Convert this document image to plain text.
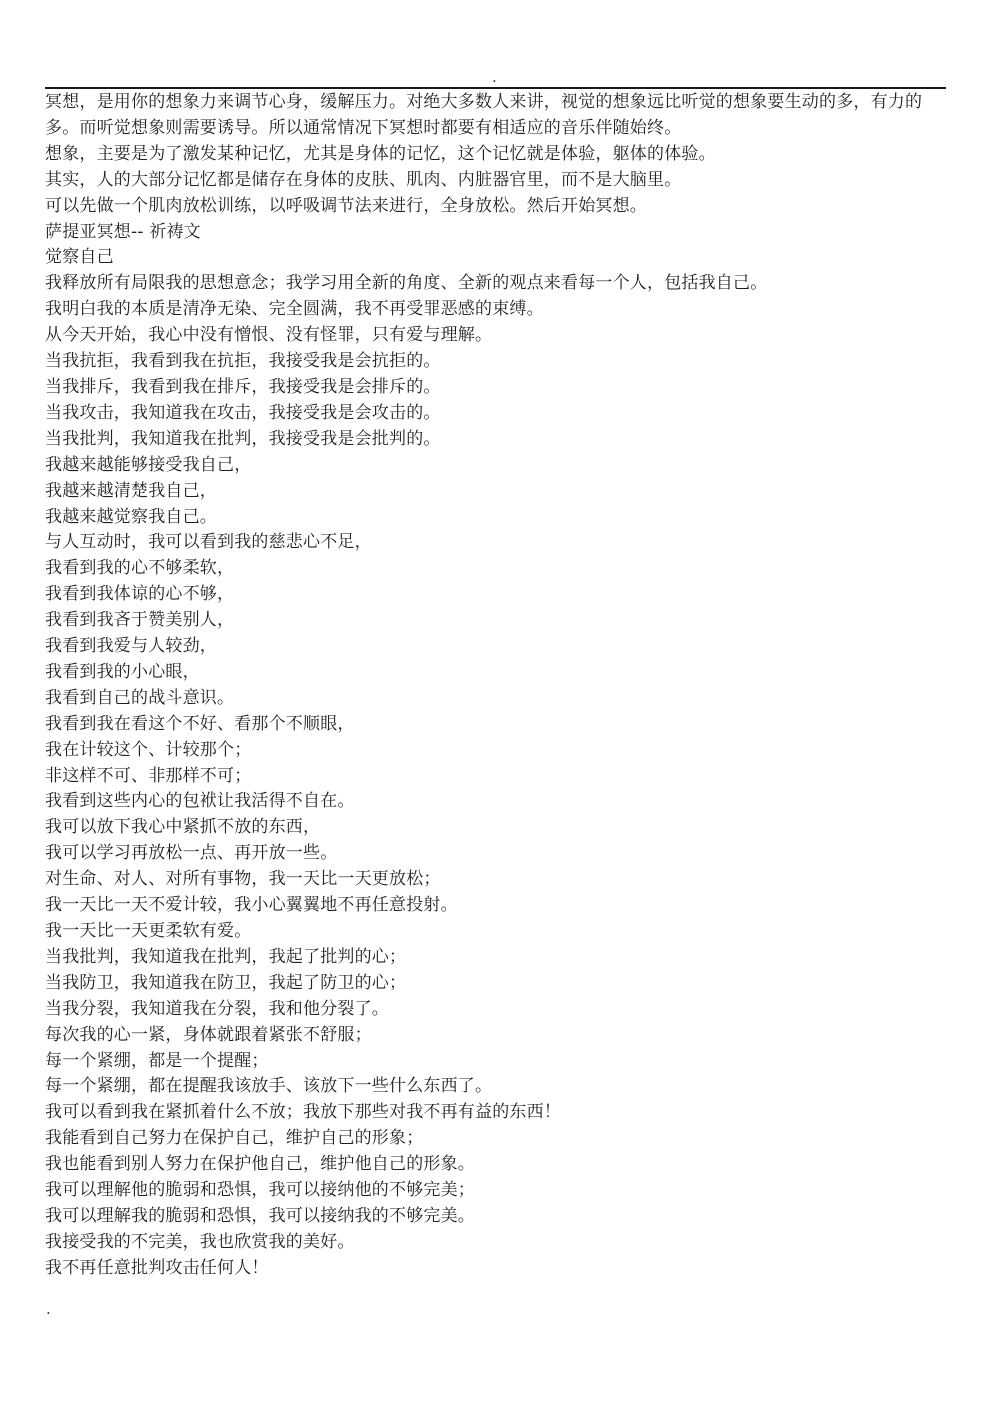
.

冥想，是用你的想象力来调节心身，缓解压力。对绝大多数人来讲，视觉的想象远比听觉的想象要生动的多，有力的

多。而听觉想象则需要诱导。所以通常情况下冥想时都要有相适应的音乐伴随始终。

想象，主要是为了激发某种记忆，尤其是身体的记忆，这个记忆就是体验，躯体的体验。

其实，人的大部分记忆都是储存在身体的皮肤、肌肉、内脏器官里，而不是大脑里。

可以先做一个肌肉放松训练，以呼吸调节法来进行，全身放松。然后开始冥想。

萨提亚冥想-- 祈祷文

觉察自己

我释放所有局限我的思想意念；我学习用全新的角度、全新的观点来看每一个人，包括我自己。

我明白我的本质是清净无染、完全圆满，我不再受罪恶感的束缚。

从今天开始，我心中没有憎恨、没有怪罪，只有爱与理解。

当我抗拒，我看到我在抗拒，我接受我是会抗拒的。

当我排斥，我看到我在排斥，我接受我是会排斥的。

当我攻击，我知道我在攻击，我接受我是会攻击的。

当我批判，我知道我在批判，我接受我是会批判的。

我越来越能够接受我自己，

我越来越清楚我自己，

我越来越觉察我自己。

与人互动时，我可以看到我的慈悲心不足，

我看到我的心不够柔软，

我看到我体谅的心不够，

我看到我吝于赞美别人，

我看到我爱与人较劲，

我看到我的小心眼，

我看到自己的战斗意识。

我看到我在看这个不好、看那个不顺眼，

我在计较这个、计较那个；

非这样不可、非那样不可；

我看到这些内心的包袱让我活得不自在。

我可以放下我心中紧抓不放的东西，

我可以学习再放松一点、再开放一些。

对生命、对人、对所有事物，我一天比一天更放松；

我一天比一天不爱计较，我小心翼翼地不再任意投射。

我一天比一天更柔软有爱。

当我批判，我知道我在批判，我起了批判的心；

当我防卫，我知道我在防卫，我起了防卫的心；

当我分裂，我知道我在分裂，我和他分裂了。

每次我的心一紧，身体就跟着紧张不舒服；

每一个紧绷，都是一个提醒；

每一个紧绷，都在提醒我该放手、该放下一些什么东西了。

我可以看到我在紧抓着什么不放；我放下那些对我不再有益的东西！

我能看到自己努力在保护自己，维护自己的形象；

我也能看到别人努力在保护他自己，维护他自己的形象。

我可以理解他的脆弱和恐惧，我可以接纳他的不够完美；

我可以理解我的脆弱和恐惧，我可以接纳我的不够完美。

我接受我的不完美，我也欣赏我的美好。

我不再任意批判攻击任何人！

.
